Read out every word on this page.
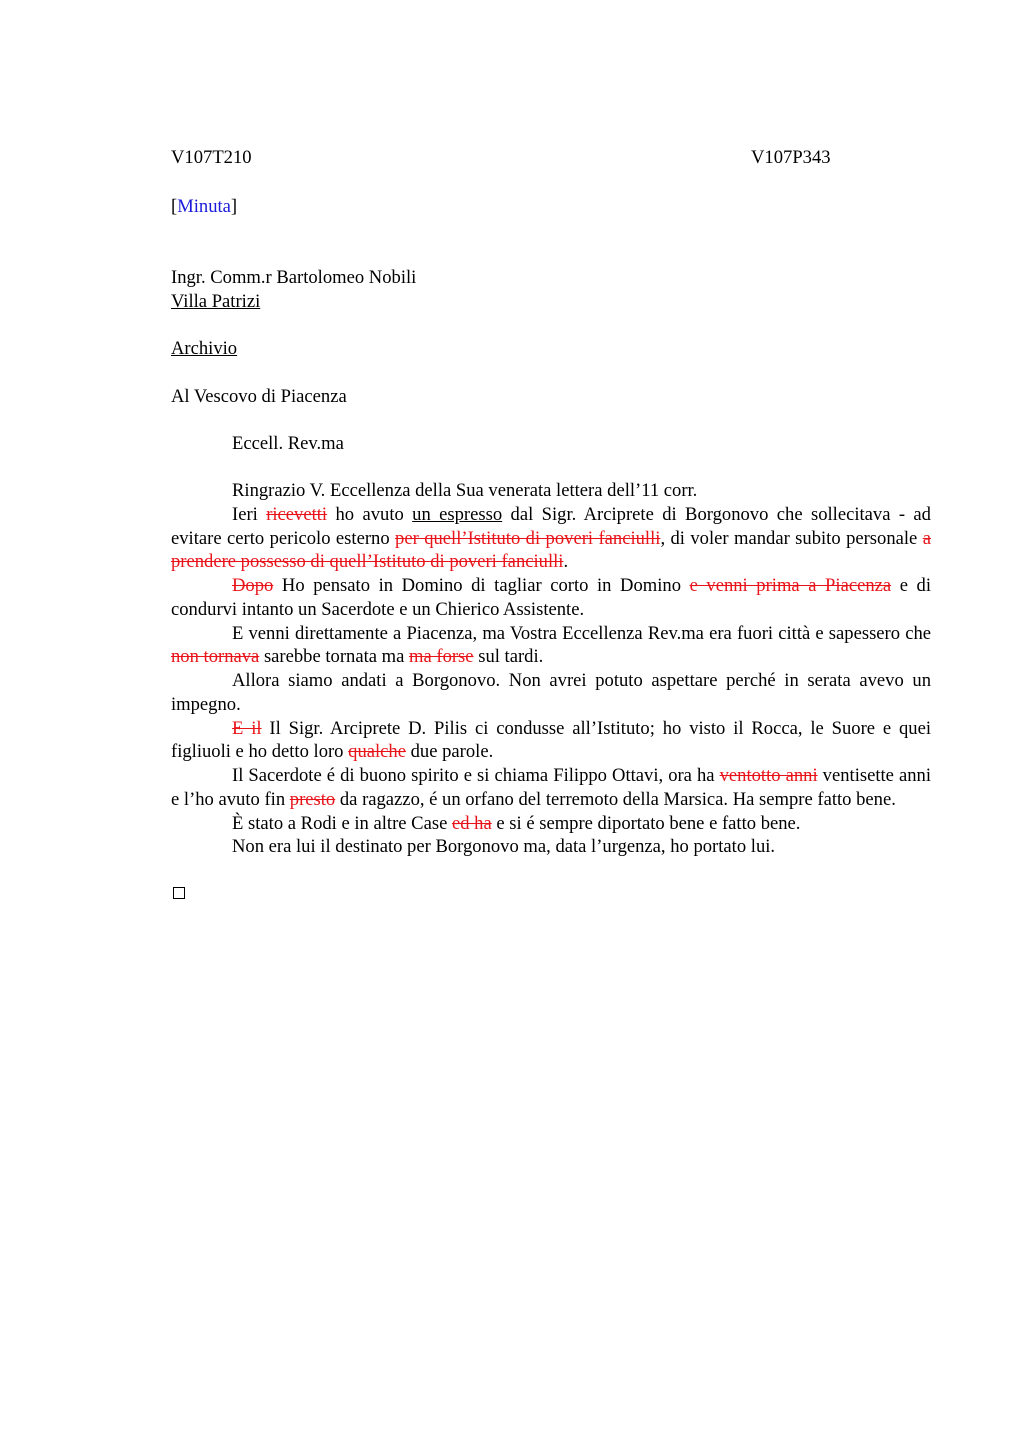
V107T210	V107P343
[Minuta]
Ingr. Comm.r Bartolomeo Nobili
Villa Patrizi
Archivio
Al Vescovo di Piacenza
Eccell. Rev.ma

Ringrazio V. Eccellenza della Sua venerata lettera dell’11 corr.

Ieri ricevetti ho avuto un espresso dal Sigr. Arciprete di Borgonovo che sollecitava - ad evitare certo pericolo esterno per quell’Istituto di poveri fanciulli, di voler mandar subito personale a prendere possesso di quell’Istituto di poveri fanciulli.

Dopo Ho pensato in Domino di tagliar corto in Domino e venni prima a Piacenza e di condurvi intanto un Sacerdote e un Chierico Assistente.

E venni direttamente a Piacenza, ma Vostra Eccellenza Rev.ma era fuori città e sapessero che non tornava sarebbe tornata ma ma forse sul tardi.

Allora siamo andati a Borgonovo. Non avrei potuto aspettare perché in serata avevo un impegno.

E il Il Sigr. Arciprete D. Pilis ci condusse all’Istituto; ho visto il Rocca, le Suore e quei figliuoli e ho detto loro qualche due parole.

Il Sacerdote é di buono spirito e si chiama Filippo Ottavi, ora ha ventotto anni ventisette anni e l’ho avuto fin presto da ragazzo, é un orfano del terremoto della Marsica. Ha sempre fatto bene.

È stato a Rodi e in altre Case ed ha e si é sempre diportato bene e fatto bene.

Non era lui il destinato per Borgonovo ma, data l’urgenza, ho portato lui.
